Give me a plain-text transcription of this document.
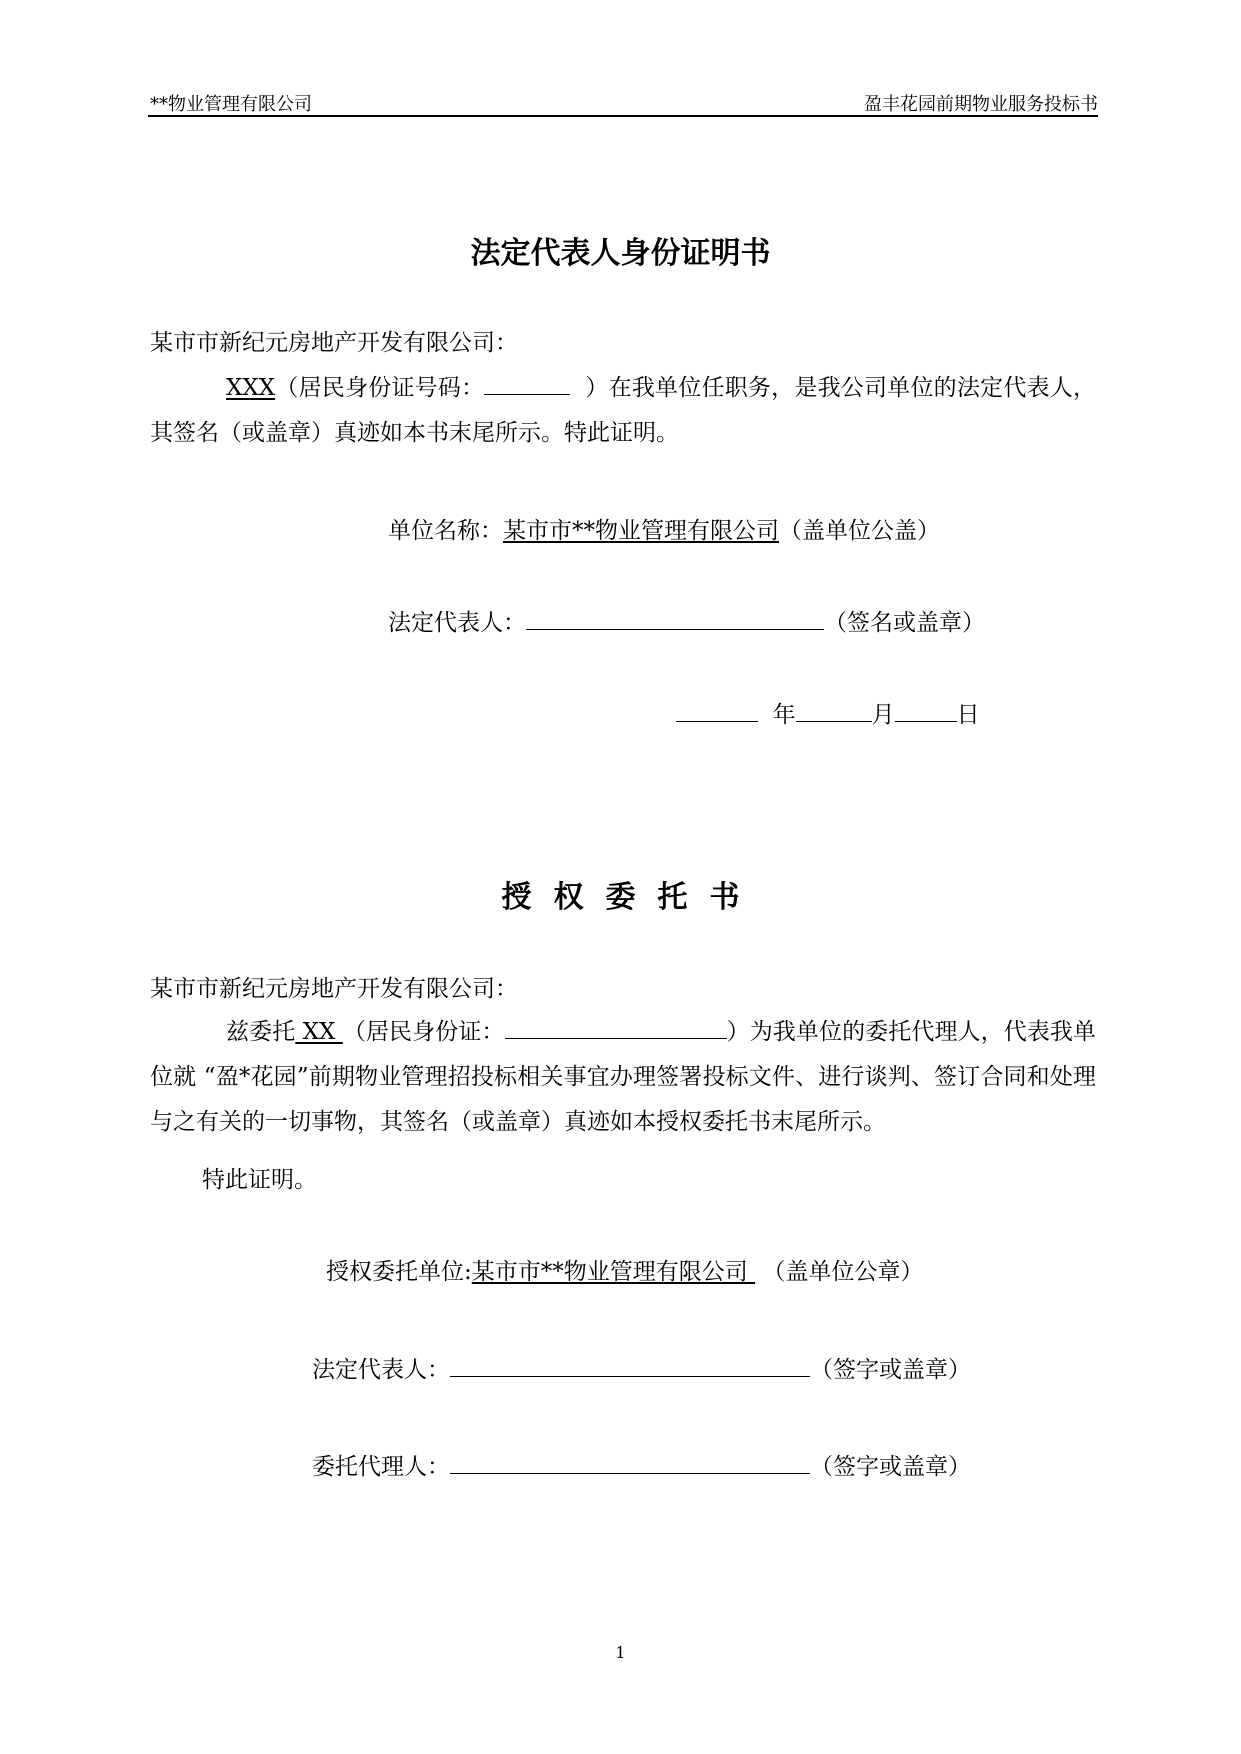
**物业管理有限公司	盈丰花园前期物业服务投标书
法定代表人身份证明书
某市市新纪元房地产开发有限公司：
XXX（居民身份证号码：	）在我单位任职务，是我公司单位的法定代表人，其签名（或盖章）真迹如本书末尾所示。特此证明。
单位名称：某市市**物业管理有限公司（盖单位公盖）
法定代表人：	（签名或盖章）
年	月	日
授权委托书
某市市新纪元房地产开发有限公司：
兹委托 XX （居民身份证：	）为我单位的委托代理人，代表我单位就 “盈*花园”前期物业管理招投标相关事宜办理签署投标文件、进行谈判、签订合同和处理与之有关的一切事物，其签名（或盖章）真迹如本授权委托书末尾所示。
特此证明。
授权委托单位:某市市**物业管理有限公司  （盖单位公章）
法定代表人：	（签字或盖章）
委托代理人：	（签字或盖章）
1
